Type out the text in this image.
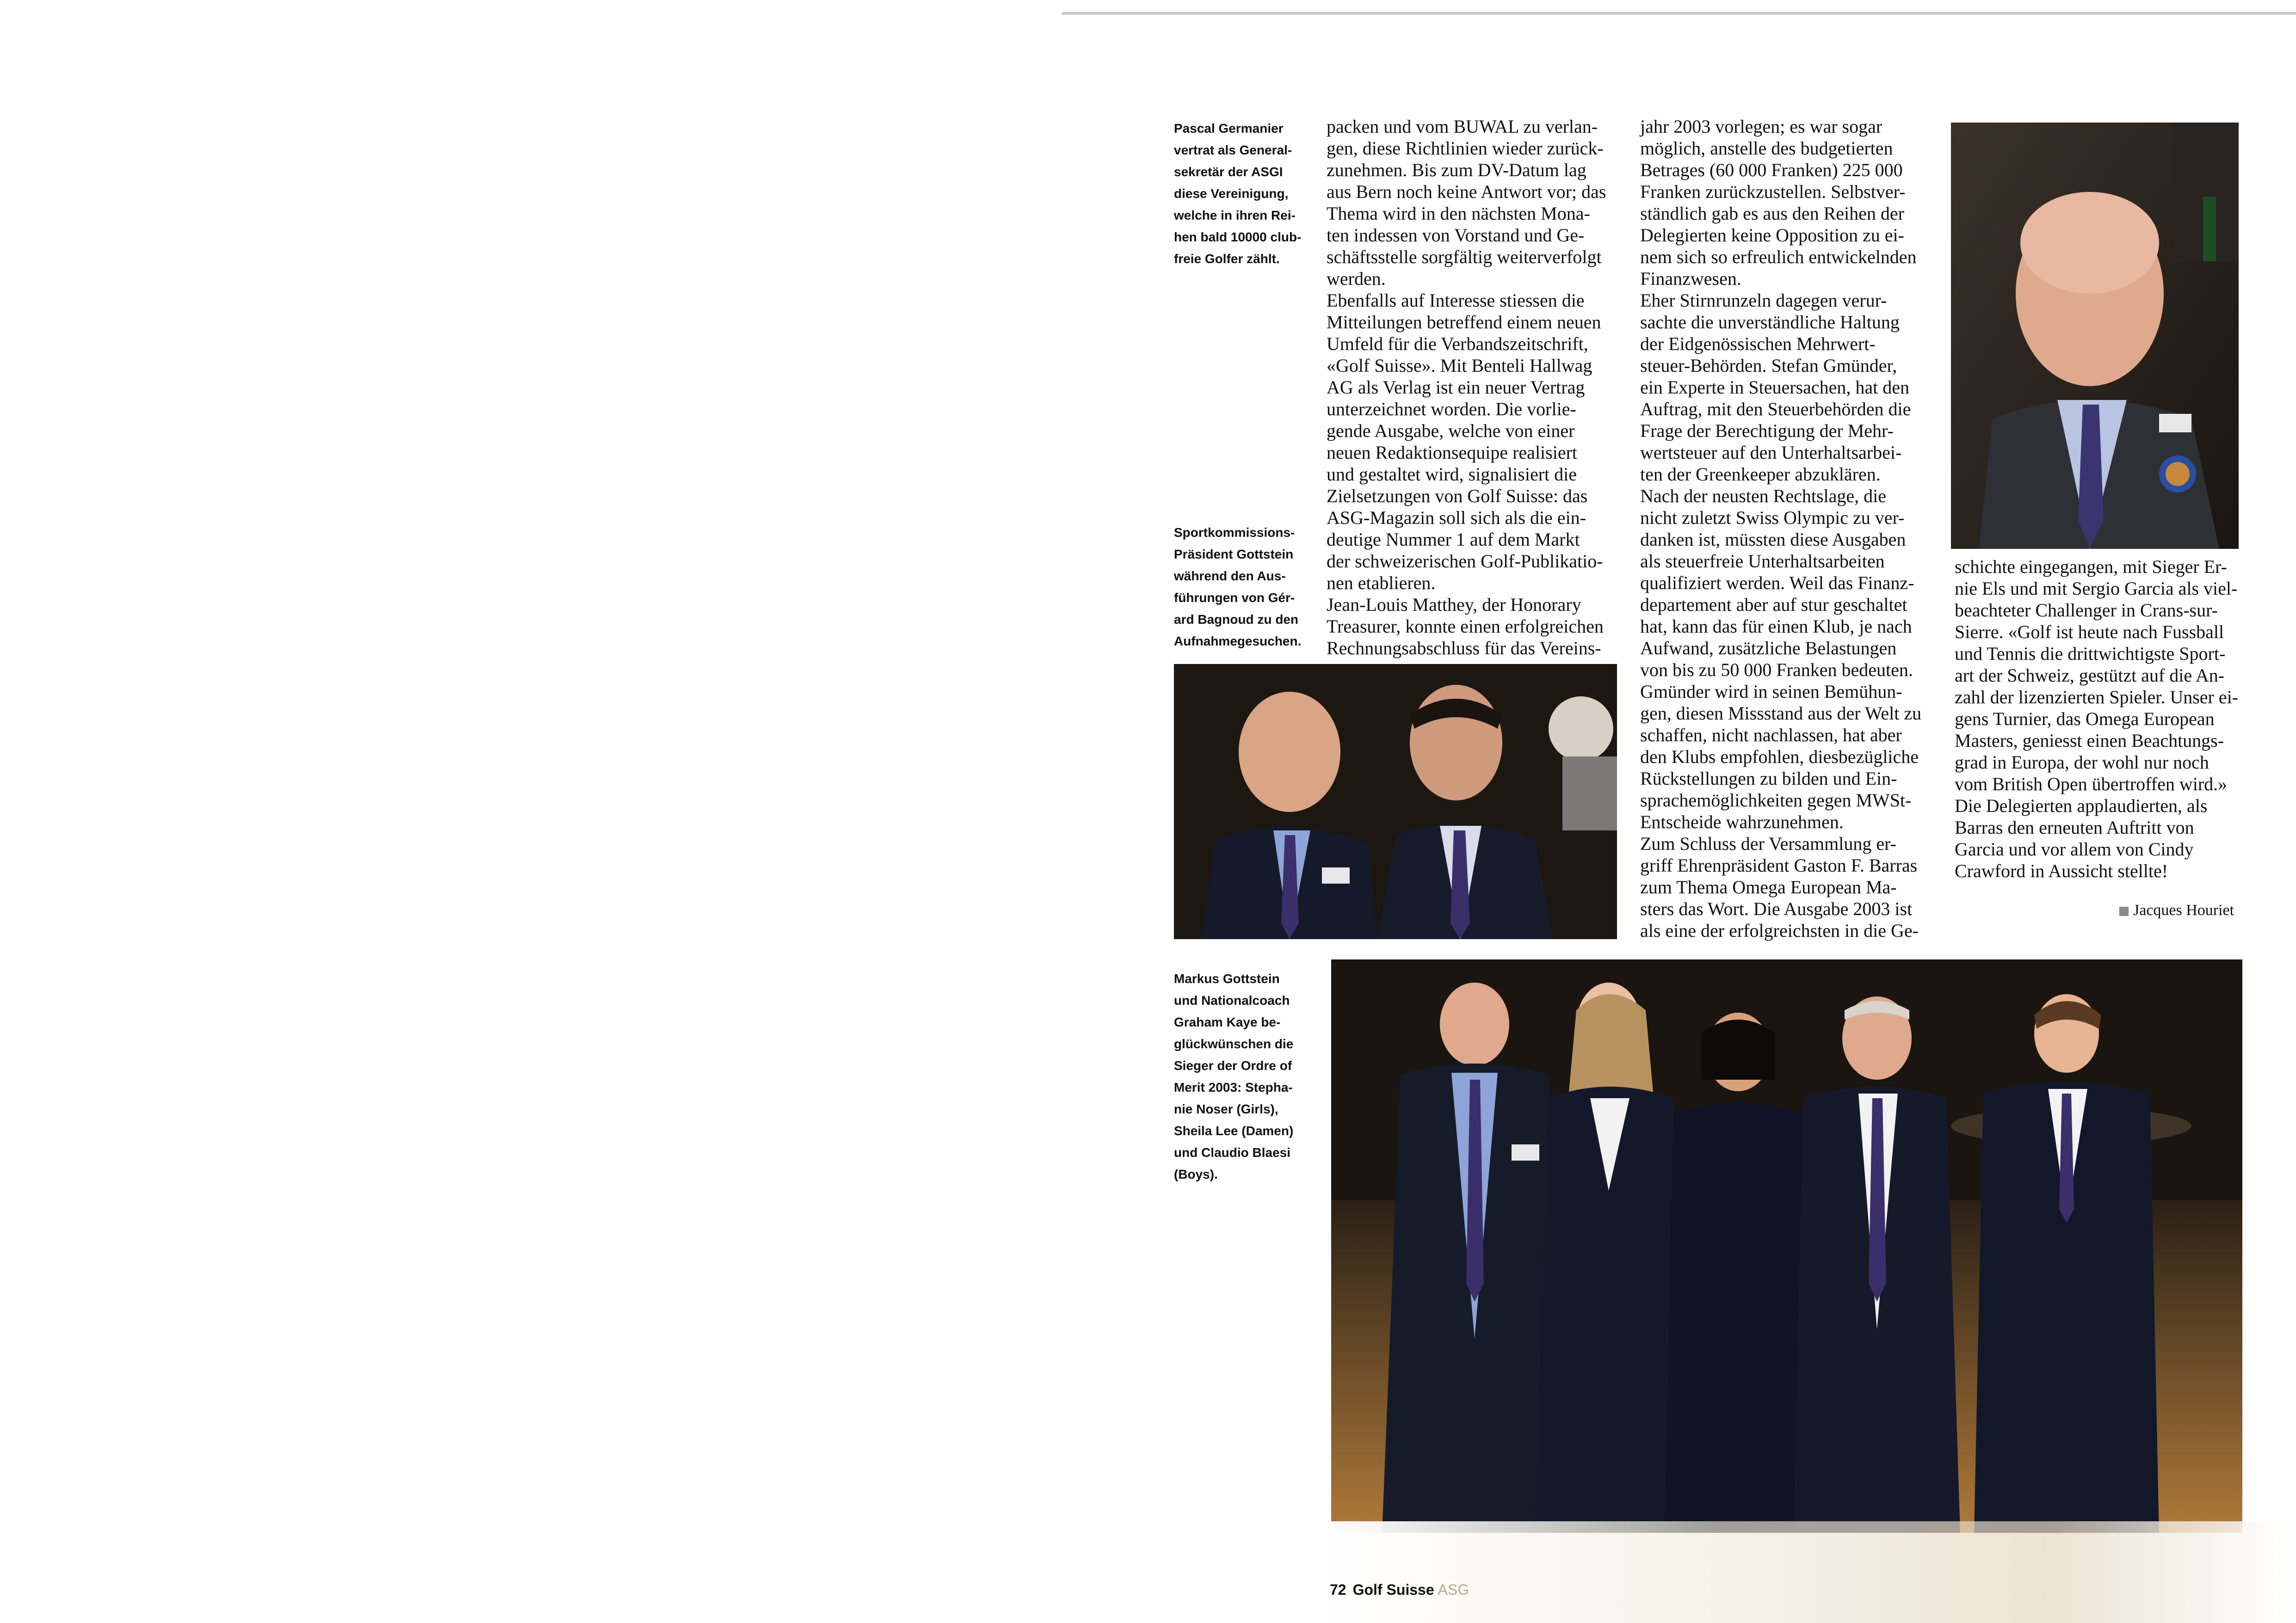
Pascal Germanier
vertrat als General-
sekretär der ASGI
diese Vereinigung,
welche in ihren Rei-
hen bald 10000 club-
freie Golfer zählt.
Sportkommissions-
Präsident Gottstein
während den Aus-
führungen von Gér-
ard Bagnoud zu den
Aufnahmegesuchen.
Markus Gottstein
und Nationalcoach
Graham Kaye be-
glückwünschen die
Sieger der Ordre of
Merit 2003: Stepha-
nie Noser (Girls),
Sheila Lee (Damen)
und Claudio Blaesi
(Boys).
packen und vom BUWAL zu verlan-
gen, diese Richtlinien wieder zurück-
zunehmen. Bis zum DV-Datum lag
aus Bern noch keine Antwort vor; das
Thema wird in den nächsten Mona-
ten indessen von Vorstand und Ge-
schäftsstelle sorgfältig weiterverfolgt
werden.
Ebenfalls auf Interesse stiessen die
Mitteilungen betreffend einem neuen
Umfeld für die Verbandszeitschrift,
«Golf Suisse». Mit Benteli Hallwag
AG als Verlag ist ein neuer Vertrag
unterzeichnet worden. Die vorlie-
gende Ausgabe, welche von einer
neuen Redaktionsequipe realisiert
und gestaltet wird, signalisiert die
Zielsetzungen von Golf Suisse: das
ASG-Magazin soll sich als die ein-
deutige Nummer 1 auf dem Markt
der schweizerischen Golf-Publikatio-
nen etablieren.
Jean-Louis Matthey, der Honorary
Treasurer, konnte einen erfolgreichen
Rechnungsabschluss für das Vereins-
jahr 2003 vorlegen; es war sogar
möglich, anstelle des budgetierten
Betrages (60 000 Franken) 225 000
Franken zurückzustellen. Selbstver-
ständlich gab es aus den Reihen der
Delegierten keine Opposition zu ei-
nem sich so erfreulich entwickelnden
Finanzwesen.
Eher Stirnrunzeln dagegen verur-
sachte die unverständliche Haltung
der Eidgenössischen Mehrwert-
steuer-Behörden. Stefan Gmünder,
ein Experte in Steuersachen, hat den
Auftrag, mit den Steuerbehörden die
Frage der Berechtigung der Mehr-
wertsteuer auf den Unterhaltsarbei-
ten der Greenkeeper abzuklären.
Nach der neusten Rechtslage, die
nicht zuletzt Swiss Olympic zu ver-
danken ist, müssten diese Ausgaben
als steuerfreie Unterhaltsarbeiten
qualifiziert werden. Weil das Finanz-
departement aber auf stur geschaltet
hat, kann das für einen Klub, je nach
Aufwand, zusätzliche Belastungen
von bis zu 50 000 Franken bedeuten.
Gmünder wird in seinen Bemühun-
gen, diesen Missstand aus der Welt zu
schaffen, nicht nachlassen, hat aber
den Klubs empfohlen, diesbezügliche
Rückstellungen zu bilden und Ein-
sprachemöglichkeiten gegen MWSt-
Entscheide wahrzunehmen.
Zum Schluss der Versammlung er-
griff Ehrenpräsident Gaston F. Barras
zum Thema Omega European Ma-
sters das Wort. Die Ausgabe 2003 ist
als eine der erfolgreichsten in die Ge-
schichte eingegangen, mit Sieger Er-
nie Els und mit Sergio Garcia als viel-
beachteter Challenger in Crans-sur-
Sierre. «Golf ist heute nach Fussball
und Tennis die drittwichtigste Sport-
art der Schweiz, gestützt auf die An-
zahl der lizenzierten Spieler. Unser ei-
gens Turnier, das Omega European
Masters, geniesst einen Beachtungs-
grad in Europa, der wohl nur noch
vom British Open übertroffen wird.»
Die Delegierten applaudierten, als
Barras den erneuten Auftritt von
Garcia und vor allem von Cindy
Crawford in Aussicht stellte!
Jacques Houriet
72 Golf Suisse ASG
